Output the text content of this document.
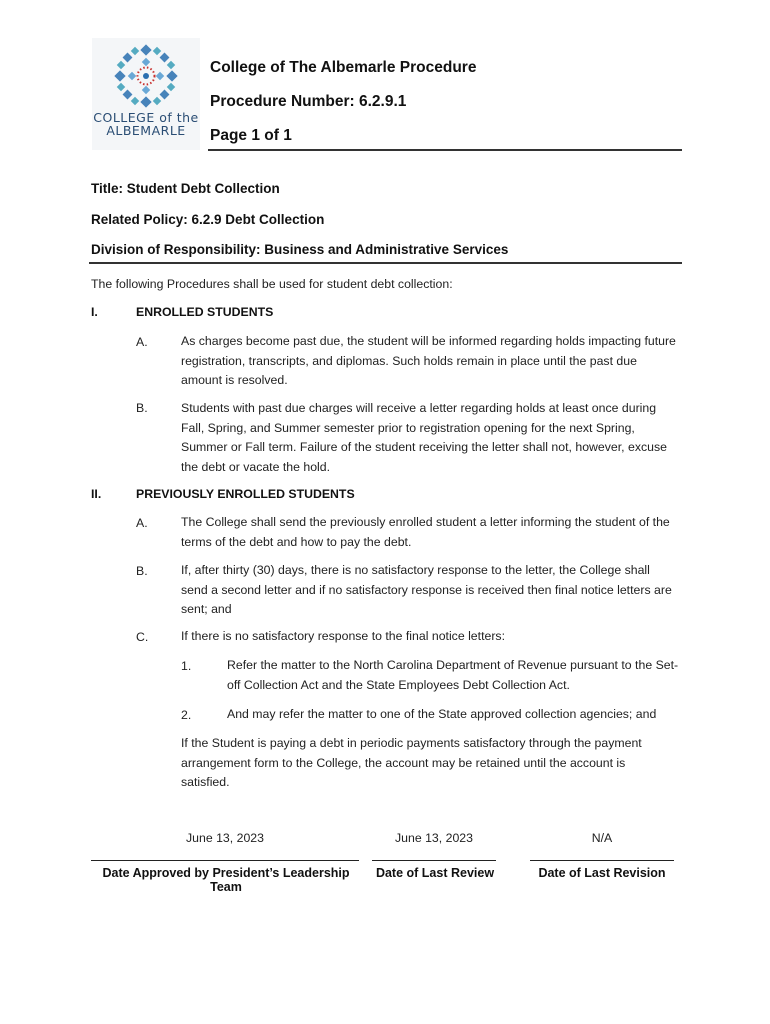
COLLEGE of the
ALBEMARLE
College of The Albemarle Procedure
Procedure Number: 6.2.9.1
Page 1 of 1
Title: Student Debt Collection
Related Policy: 6.2.9 Debt Collection
Division of Responsibility: Business and Administrative Services
The following Procedures shall be used for student debt collection:
I.	ENROLLED STUDENTS
A.	As charges become past due, the student will be informed regarding holds impacting future registration, transcripts, and diplomas. Such holds remain in place until the past due amount is resolved.
B.	Students with past due charges will receive a letter regarding holds at least once during Fall, Spring, and Summer semester prior to registration opening for the next Spring, Summer or Fall term. Failure of the student receiving the letter shall not, however, excuse the debt or vacate the hold.
II.	PREVIOUSLY ENROLLED STUDENTS
A.	The College shall send the previously enrolled student a letter informing the student of the terms of the debt and how to pay the debt.
B.	If, after thirty (30) days, there is no satisfactory response to the letter, the College shall send a second letter and if no satisfactory response is received then final notice letters are sent; and
C.	If there is no satisfactory response to the final notice letters:
1.	Refer the matter to the North Carolina Department of Revenue pursuant to the Set-off Collection Act and the State Employees Debt Collection Act.
2.	And may refer the matter to one of the State approved collection agencies; and
If the Student is paying a debt in periodic payments satisfactory through the payment arrangement form to the College, the account may be retained until the account is satisfied.
June 13, 2023
Date Approved by President’s Leadership Team
June 13, 2023
Date of Last Review
N/A
Date of Last Revision
